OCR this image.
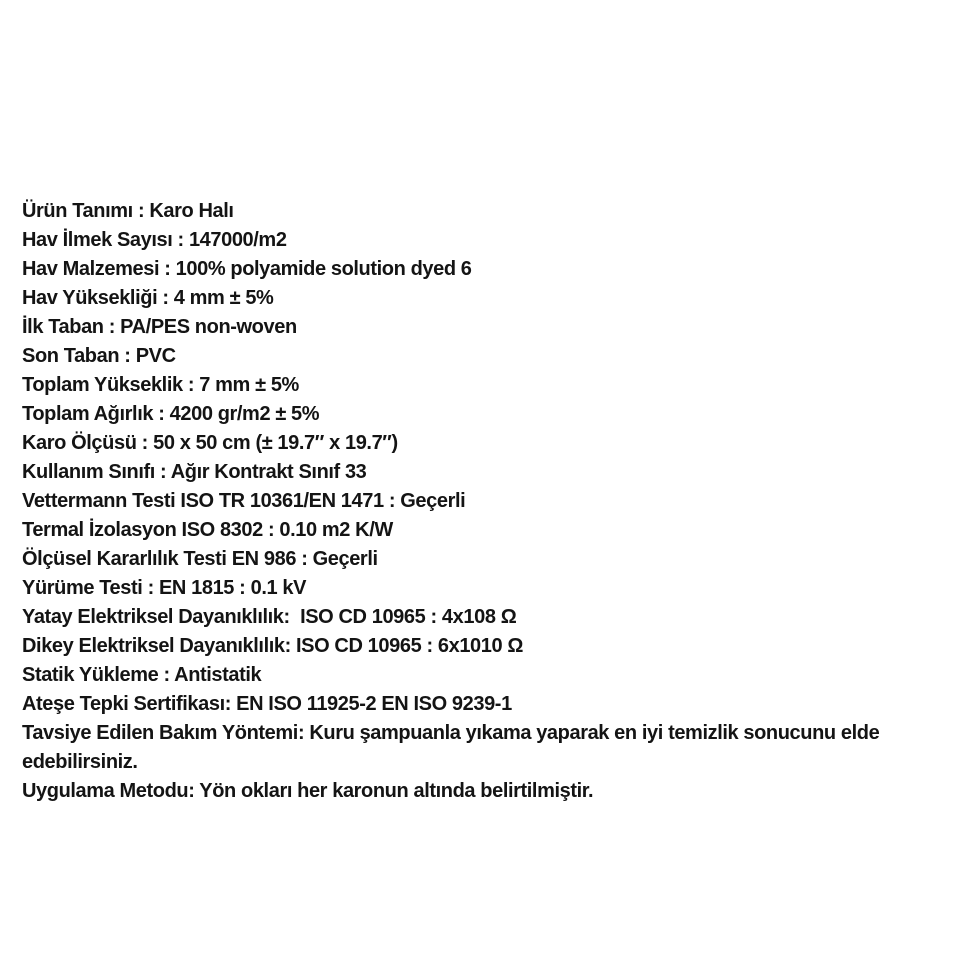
Ürün Tanımı : Karo Halı
Hav İlmek Sayısı : 147000/m2
Hav Malzemesi : 100% polyamide solution dyed 6
Hav Yüksekliği : 4 mm ± 5%
İlk Taban : PA/PES non-woven
Son Taban : PVC
Toplam Yükseklik : 7 mm ± 5%
Toplam Ağırlık : 4200 gr/m2 ± 5%
Karo Ölçüsü : 50 x 50 cm (± 19.7″ x 19.7″)
Kullanım Sınıfı : Ağır Kontrakt Sınıf 33
Vettermann Testi ISO TR 10361/EN 1471 : Geçerli
Termal İzolasyon ISO 8302 : 0.10 m2 K/W
Ölçüsel Kararlılık Testi EN 986 : Geçerli
Yürüme Testi : EN 1815 : 0.1 kV
Yatay Elektriksel Dayanıklılık:  ISO CD 10965 : 4x108 Ω
Dikey Elektriksel Dayanıklılık: ISO CD 10965 : 6x1010 Ω
Statik Yükleme : Antistatik
Ateşe Tepki Sertifikası: EN ISO 11925-2 EN ISO 9239-1
Tavsiye Edilen Bakım Yöntemi: Kuru şampuanla yıkama yaparak en iyi temizlik sonucunu elde edebilirsiniz.
Uygulama Metodu: Yön okları her karonun altında belirtilmiştir.
